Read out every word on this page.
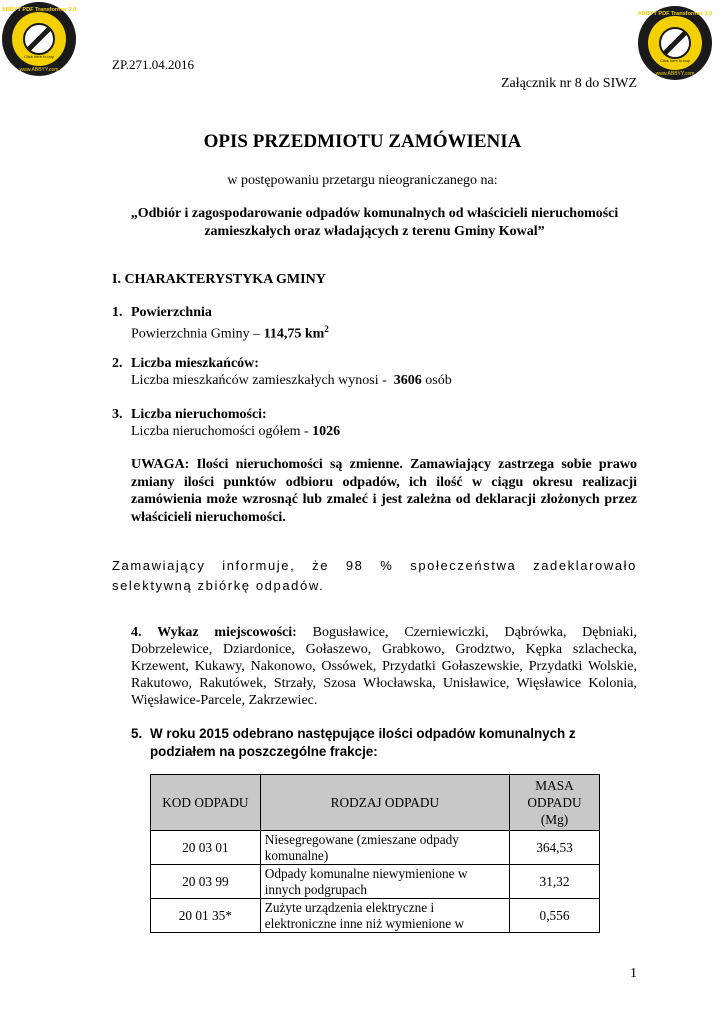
ABBYY PDF Transformer 3.0
www.ABBYY.com
Click here to buy
ABBYY PDF Transformer 3.0
www.ABBYY.com
Click here to buy
ZP.271.04.2016
Załącznik nr 8 do SIWZ
OPIS PRZEDMIOTU ZAMÓWIENIA
w postępowaniu przetargu nieograniczanego na:
„Odbiór i zagospodarowanie odpadów komunalnych od właścicieli nieruchomości
zamieszkałych oraz władających z terenu Gminy Kowal”
I. CHARAKTERYSTYKA GMINY
1. Powierzchnia
Powierzchnia Gminy – 114,75 $km^2$
2. Liczba mieszkańców:
Liczba mieszkańców zamieszkałych wynosi - 3606 osób
3. Liczba nieruchomości:
Liczba nieruchomości ogółem - 1026
UWAGA: Ilości nieruchomości są zmienne. Zamawiający zastrzega sobie prawo zmiany ilości punktów odbioru odpadów, ich ilość w ciągu okresu realizacji zamówienia może wzrosnąć lub zmaleć i jest zależna od deklaracji złożonych przez właścicieli nieruchomości.
Zamawiający informuje, że 98 % społeczeństwa zadeklarowało selektywną zbiórkę odpadów.
4. Wykaz miejscowości: Bogusławice, Czerniewiczki, Dąbrówka, Dębniaki, Dobrzelewice, Dziardonice, Gołaszewo, Grabkowo, Grodztwo, Kępka szlachecka, Krzewent, Kukawy, Nakonowo, Ossówek, Przydatki Gołaszewskie, Przydatki Wolskie, Rakutowo, Rakutówek, Strzały, Szosa Włocławska, Unisławice, Więsławice Kolonia, Więsławice-Parcele, Zakrzewiec.
5. W roku 2015 odebrano następujące ilości odpadów komunalnych z podziałem na poszczególne frakcje:
KOD ODPADU	RODZAJ ODPADU	MASA ODPADU (Mg)
20 03 01	Niesegregowane (zmieszane odpady komunalne)	364,53
20 03 99	Odpady komunalne niewymienione w innych podgrupach	31,32
20 01 35*	Zużyte urządzenia elektryczne i elektroniczne inne niż wymienione w	0,556
1
